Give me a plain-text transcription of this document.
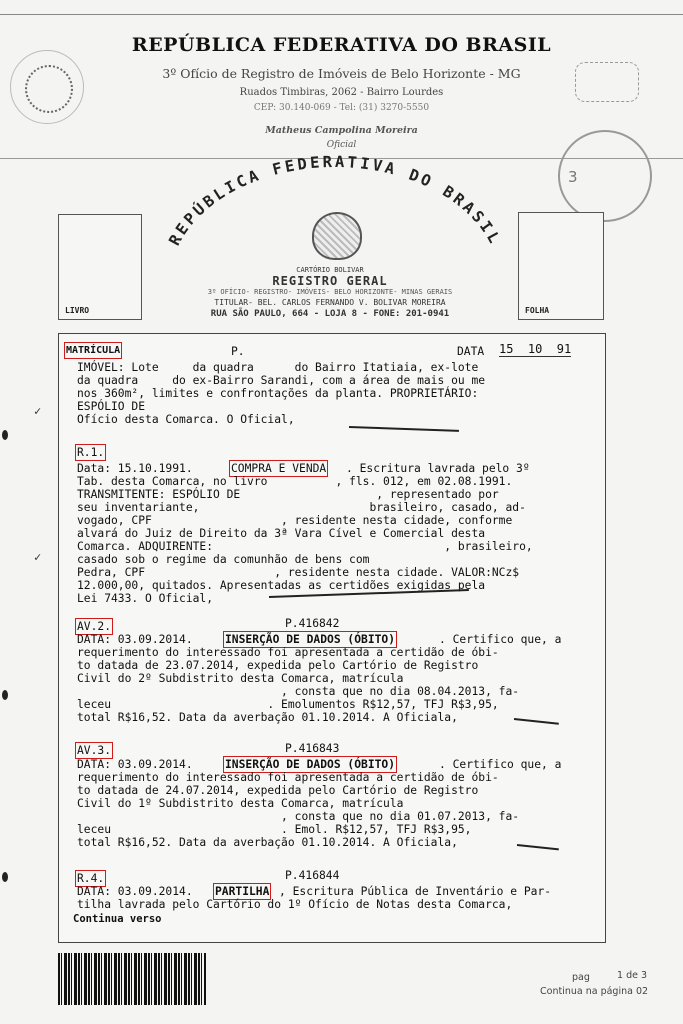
3
REPÚBLICA FEDERATIVA DO BRASIL
3º Ofício de Registro de Imóveis de Belo Horizonte - MG
Ruados Timbiras, 2062 - Bairro Lourdes
CEP: 30.140-069 - Tel: (31) 3270-5550
Matheus Campolina Moreira
Oficial
LIVRO	FOLHA
REPÚBLICA FEDERATIVA DO BRASIL
CARTÓRIO BOLIVAR
REGISTRO GERAL
3º OFÍCIO- REGISTRO- IMÓVEIS- BELO HORIZONTE- MINAS GERAIS
TITULAR- BEL. CARLOS FERNANDO V. BOLIVAR MOREIRA
RUA SÃO PAULO, 664 - LOJA 8 - FONE: 201-0941
✓
✓
MATRÍCULA	P.	DATA 15  10  91
IMÓVEL: Lote     da quadra      do Bairro Itatiaia, ex-lote
da quadra     do ex-Bairro Sarandi, com a área de mais ou me
nos 360m², limites e confrontações da planta. PROPRIETÁRIO:
ESPÓLIO DE
Ofício desta Comarca. O Oficial,
R.1.
Data: 15.10.1991.	COMPRA E VENDA . Escritura lavrada pelo 3º
Tab. desta Comarca, no livro          , fls. 012, em 02.08.1991.
TRANSMITENTE: ESPÓLIO DE                    , representado por
seu inventariante,                         brasileiro, casado, ad-
vogado, CPF                   , residente nesta cidade, conforme
alvará do Juiz de Direito da 3ª Vara Cível e Comercial desta
Comarca. ADQUIRENTE:                                  , brasileiro,
casado sob o regime da comunhão de bens com
Pedra, CPF                   , residente nesta cidade. VALOR:NCz$
12.000,00, quitados. Apresentadas as certidões exigidas pela
Lei 7433. O Oficial,
AV.2.	P.416842
DATA: 03.09.2014.	INSERÇÃO DE DADOS (ÓBITO)	. Certifico que, a
requerimento do interessado foi apresentada a certidão de óbi-
to datada de 23.07.2014, expedida pelo Cartório de Registro
Civil do 2º Subdistrito desta Comarca, matrícula
, consta que no dia 08.04.2013, fa-
leceu                       . Emolumentos R$12,57, TFJ R$3,95,
total R$16,52. Data da averbação 01.10.2014. A Oficiala,
AV.3.	P.416843
DATA: 03.09.2014.	INSERÇÃO DE DADOS (ÓBITO)	. Certifico que, a
requerimento do interessado foi apresentada a certidão de óbi-
to datada de 24.07.2014, expedida pelo Cartório de Registro
Civil do 1º Subdistrito desta Comarca, matrícula
, consta que no dia 01.07.2013, fa-
leceu                         . Emol. R$12,57, TFJ R$3,95,
total R$16,52. Data da averbação 01.10.2014. A Oficiala,
R.4.	P.416844
DATA: 03.09.2014. PARTILHA , Escritura Pública de Inventário e Par-
tilha lavrada pelo Cartório do 1º Ofício de Notas desta Comarca,
Continua verso
pag	1 de 3
Continua na página 02
